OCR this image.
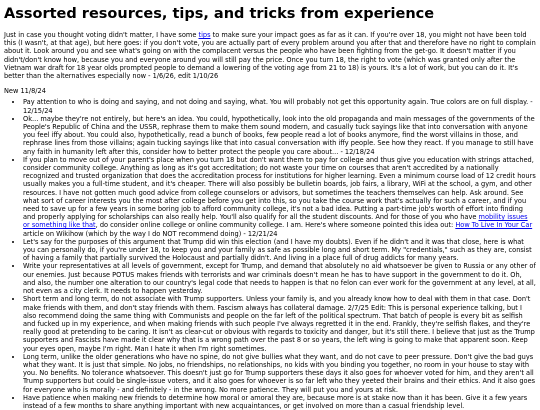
Assorted resources, tips, and tricks from experience

Just in case you thought voting didn't matter, I have some tips to make sure your impact goes as far as it can. If you're over 18, you might not have been told this (I wasn't, at that age), but here goes: if you don't vote, you are actually part of every problem around you after that and therefore have no right to complain about it. Look around you and see what's going on with the complacent versus the people who have been fighting from the get-go. It doesn't matter if you didn't/don't know how, because you and everyone around you will still pay the price. Once you turn 18, the right to vote (which was granted only after the Vietnam war draft for 18 year olds prompted people to demand a lowering of the voting age from 21 to 18) is yours. It's a lot of work, but you can do it. It's better than the alternatives especially now - 1/6/26, edit 1/10/26

New 11/8/24

• Pay attention to who is doing and saying, and not doing and saying, what. You will probably not get this opportunity again. True colors are on full display. - 12/15/24
• Ok... maybe they're not entirely, but here's an idea. You could, hypothetically, look into the old propaganda and main messages of the governments of the People's Republic of China and the USSR, rephrase them to make them sound modern, and casually tuck sayings like that into conversation with anyone you feel iffy about. You could also, hypothetically, read a bunch of books, few people read a lot of books anymore, find the worst villains in those, and rephrase lines from those villains; again tucking sayings like that into casual conversation with iffy people. See how they react. If you manage to still have any faith in humanity left after this, consider how to better protect the people you care about... - 12/18/24
• If you plan to move out of your parent's place when you turn 18 but don't want them to pay for college and thus give you education with strings attached, consider community college. Anything as long as it's got accreditation; do not waste your time on courses that aren't accredited by a nationally recognized and trusted organization that does the accreditation process for institutions for higher learning. Even a minimum course load of 12 credit hours usually makes you a full-time student, and it's cheaper. There will also possibly be bulletin boards, job fairs, a library, WiFi at the school, a gym, and other resources. I have not gotten much good advice from college counselors or advisors, but sometimes the teachers themselves can help. Ask around. See what sort of career interests you the most after college before you get into this, so you take the course work that's actually for such a career, and if you need to save up for a few years in some boring job to afford community college, it's not a bad idea. Putting a part-time job's worth of effort into finding and properly applying for scholarships can also really help. You'll also qualify for all the student discounts. And for those of you who have mobility issues or something like that, do consider online college or online community college. I am. Here's where someone pointed this idea out: How To Live In Your Car article on Wikihow (which by the way I do NOT recommend doing) - 12/21/24
• Let's say for the purposes of this argument that Trump did win this election (and I have my doubts). Even if he didn't and it was that close, here is what you can personally do, if you're under 18, to keep you and your family as safe as possible long and short term. My "credentials," such as they are, consist of having a family that partially survived the Holocaust and partially didn't. And living in a place full of drug addicts for many years.
• Write your representatives at all levels of government, except for Trump, and demand that absolutely no aid whatsoever be given to Russia or any other of our enemies. Just because POTUS makes friends with terrorists and war criminals doesn't mean he has to have support in the government to do it. Oh, and also, the number one alteration to our country's legal code that needs to happen is that no felon can ever work for the government at any level, at all, not even as a city clerk. It needs to happen yesterday.
• Short term and long term, do not associate with Trump supporters. Unless your family is, and you already know how to deal with them in that case. Don't make friends with them, and don't stay friends with them. Fascism always has collateral damage. 2/7/25 Edit: This is personal experience talking, but I also recommend doing the same thing with Communists and people on the far left of the political spectrum. That batch of people is every bit as selfish and fucked up in my experience, and when making friends with such people I've always regretted it in the end. Frankly, they're selfish flakes, and they're really good at pretending to be caring. It isn't as clear-cut or obvious with regards to toxicity and danger, but it's still there. I believe that just as the Trump supporters and Fascists have made it clear why that is a wrong path over the past 8 or so years, the left wing is going to make that apparent soon. Keep your eyes open, maybe I'm right. Man I hate it when I'm right sometimes.
• Long term, unlike the older generations who have no spine, do not give bullies what they want, and do not cave to peer pressure. Don't give the bad guys what they want. It is just that simple. No jobs, no friendships, no relationships, no kids with you binding you together, no room in your house to stay with you. No benefits. No tolerance whatsoever. This doesn't just go for Trump supporters these days it also goes for whoever voted for him, and they aren't all Trump supporters but could be single-issue voters, and it also goes for whoever is so far left who they yeeted their brains and their ethics. And it also goes for everyone who is morally - and definitely - in the wrong. No more patience. They will put you and yours at risk.
• Have patience when making new friends to determine how moral or amoral they are, because more is at stake now than it has been. Give it a few years instead of a few months to share anything important with new acquaintances, or get involved on more than a casual friendship level.
